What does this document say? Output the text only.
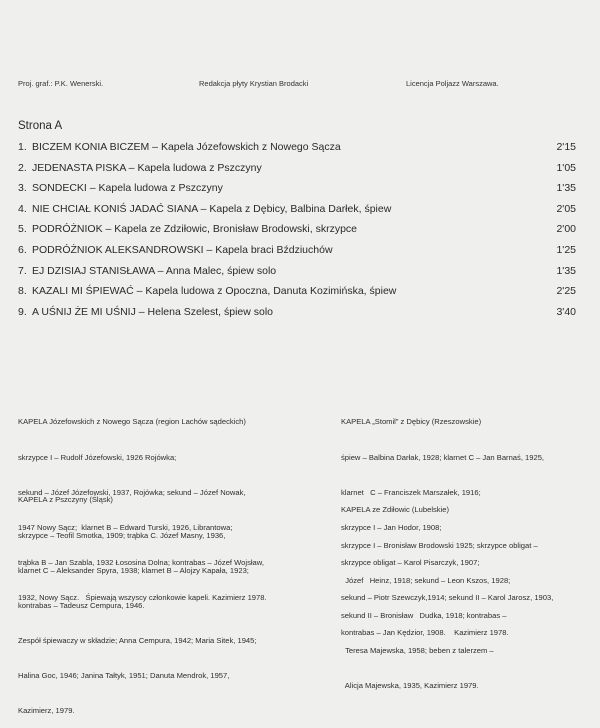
Proj. graf.: P.K. Wenerski.	Redakcja płyty Krystian Brodacki	Licencja Poljazz Warszawa.
Strona A
1. BICZEM KONIA BICZEM – Kapela Józefowskich z Nowego Sącza	2'15
2. JEDENASTA PISKA – Kapela ludowa z Pszczyny	1'05
3. SONDECKI – Kapela ludowa z Pszczyny	1'35
4. NIE CHCIAŁ KONIŚ JADAĆ SIANA – Kapela z Dębicy, Balbina Darłek, śpiew	2'05
5. PODRÓŻNIOK – Kapela ze Zdziłowic, Bronisław Brodowski, skrzypce	2'00
6. PODRÓŻNIOK ALEKSANDROWSKI – Kapela braci Bździuchów	1'25
7. EJ DZISIAJ STANISŁAWA – Anna Malec, śpiew solo	1'35
8. KAZALI MI ŚPIEWAĆ – Kapela ludowa z Opoczna, Danuta Kozimińska, śpiew	2'25
9. A UŚNIJ ŻE MI UŚNIJ – Helena Szelest, śpiew solo	3'40

KAPELA Józefowskich z Nowego Sącza (region Lachów sądeckich)

skrzypce I – Rudolf Józefowski, 1926 Rojówka;

sekund – Józef Józefowski, 1937, Rojówka; sekund – Józef Nowak,

1947 Nowy Sącz;  klarnet B – Edward Turski, 1926, Librantowa;

trąbka B – Jan Szabla, 1932 Łososina Dolna; kontrabas – Józef Wojsław,

1932, Nowy Sącz.   Śpiewają wszyscy członkowie kapeli. Kazimierz 1978.

KAPELA z Pszczyny (Śląsk)

skrzypce – Teofil Smotka, 1909; trąbka C. Józef Masny, 1936,

klarnet C – Aleksander Spyra, 1938; klarnet B – Alojzy Kapała, 1923;

kontrabas – Tadeusz Cempura, 1946.

Zespół śpiewaczy w składzie; Anna Cempura, 1942; Maria Sitek, 1945;

Halina Goc, 1946; Janina Tałtyk, 1951; Danuta Mendrok, 1957,

Kazimierz, 1979.

KAPELA „Stomil” z Dębicy (Rzeszowskie)

śpiew – Balbina Darłak, 1928; klarnet C – Jan Barnaś, 1925,

klarnet   C – Franciszek Marszałek, 1916;

skrzypce I – Jan Hodor, 1908;

skrzypce obligat – Karol Pisarczyk, 1907;

sekund – Piotr Szewczyk,1914; sekund II – Karol Jarosz, 1903,

kontrabas – Jan Kędzior, 1908.    Kazimierz 1978.

KAPELA ze Zdiłowic (Lubelskie)

skrzypce I – Bronisław Brodowski 1925; skrzypce obligat –

Józef   Heinz, 1918; sekund – Leon Kszos, 1928;

sekund II – Bronisław   Dudka, 1918; kontrabas –

Teresa Majewska, 1958; beben z talerzem –

Alicja Majewska, 1935, Kazimierz 1979.
